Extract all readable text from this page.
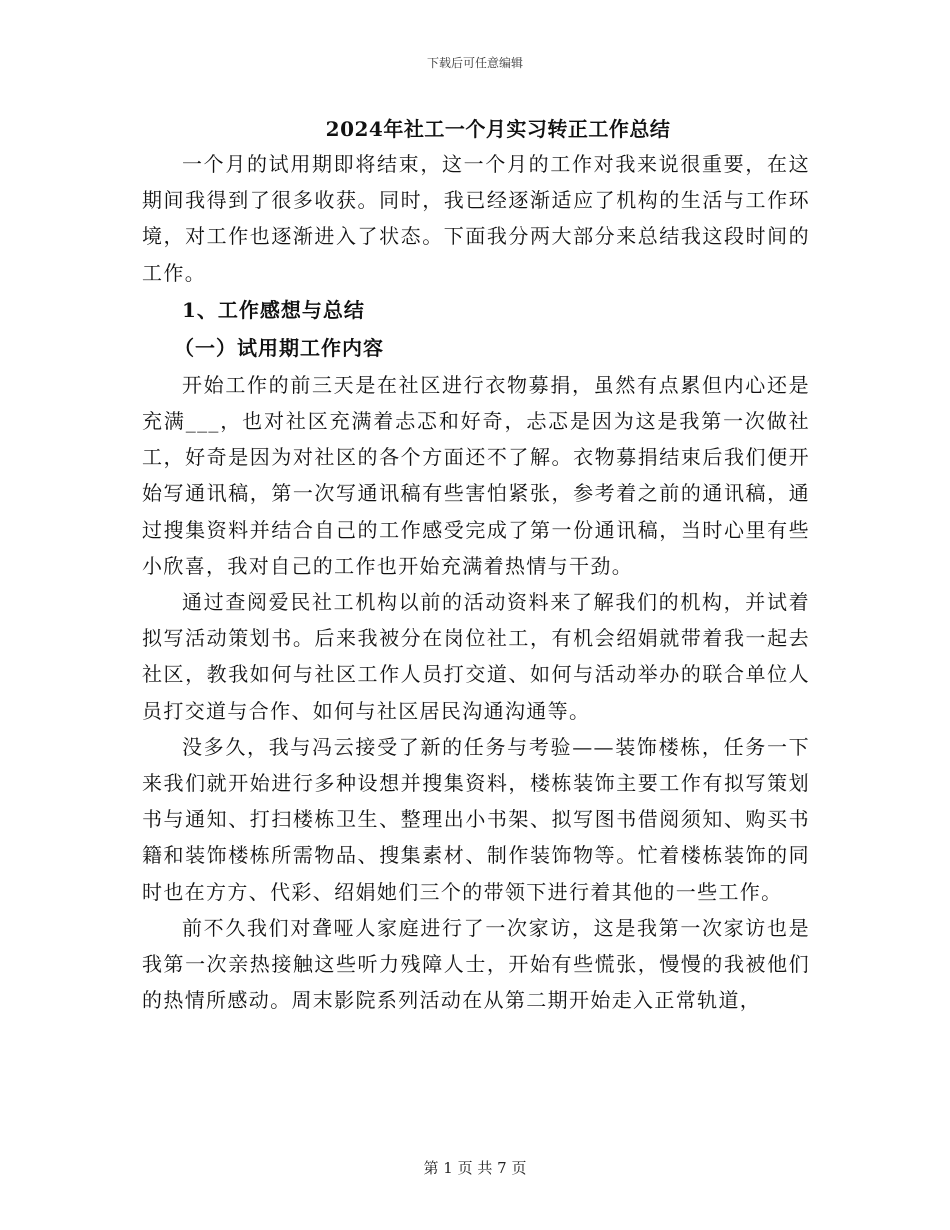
下载后可任意编辑
2024年社工一个月实习转正工作总结

一个月的试用期即将结束，这一个月的工作对我来说很重要，在这期间我得到了很多收获。同时，我已经逐渐适应了机构的生活与工作环境，对工作也逐渐进入了状态。下面我分两大部分来总结我这段时间的工作。

1、工作感想与总结

（一）试用期工作内容

开始工作的前三天是在社区进行衣物募捐，虽然有点累但内心还是充满___，也对社区充满着忐忑和好奇，忐忑是因为这是我第一次做社工，好奇是因为对社区的各个方面还不了解。衣物募捐结束后我们便开始写通讯稿，第一次写通讯稿有些害怕紧张，参考着之前的通讯稿，通过搜集资料并结合自己的工作感受完成了第一份通讯稿，当时心里有些小欣喜，我对自己的工作也开始充满着热情与干劲。

通过查阅爱民社工机构以前的活动资料来了解我们的机构，并试着拟写活动策划书。后来我被分在岗位社工，有机会绍娟就带着我一起去社区，教我如何与社区工作人员打交道、如何与活动举办的联合单位人员打交道与合作、如何与社区居民沟通沟通等。

没多久，我与冯云接受了新的任务与考验——装饰楼栋，任务一下来我们就开始进行多种设想并搜集资料，楼栋装饰主要工作有拟写策划书与通知、打扫楼栋卫生、整理出小书架、拟写图书借阅须知、购买书籍和装饰楼栋所需物品、搜集素材、制作装饰物等。忙着楼栋装饰的同时也在方方、代彩、绍娟她们三个的带领下进行着其他的一些工作。

前不久我们对聋哑人家庭进行了一次家访，这是我第一次家访也是我第一次亲热接触这些听力残障人士，开始有些慌张，慢慢的我被他们的热情所感动。周末影院系列活动在从第二期开始走入正常轨道，

第 1 页 共 7 页
